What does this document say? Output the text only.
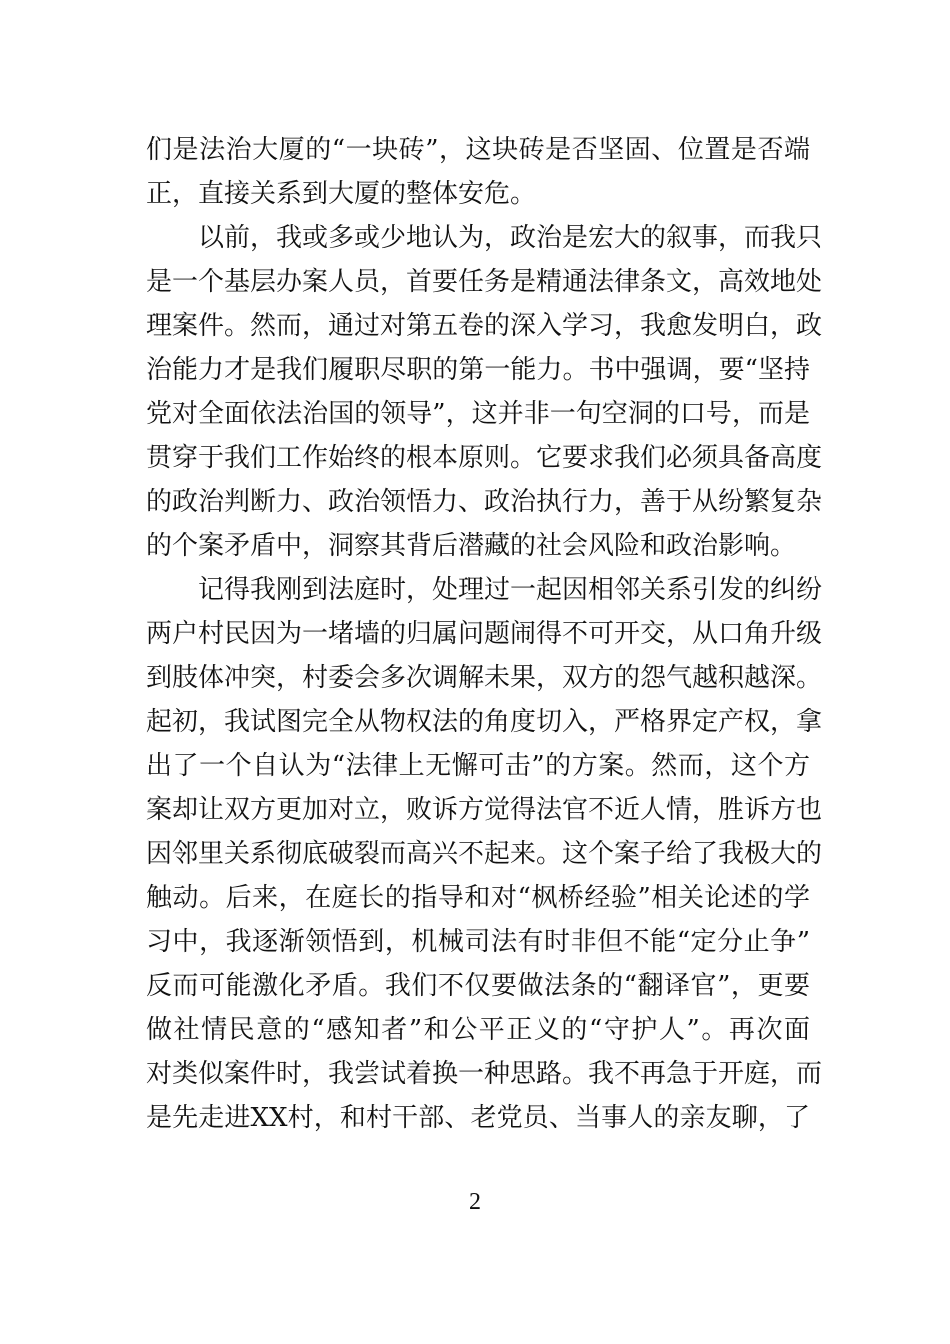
们是法治大厦的“一块砖”，这块砖是否坚固、位置是否端
正，直接关系到大厦的整体安危。
以前，我或多或少地认为，政治是宏大的叙事，而我只
是一个基层办案人员，首要任务是精通法律条文，高效地处
理案件。然而，通过对第五卷的深入学习，我愈发明白，政
治能力才是我们履职尽职的第一能力。书中强调，要“坚持
党对全面依法治国的领导”，这并非一句空洞的口号，而是
贯穿于我们工作始终的根本原则。它要求我们必须具备高度
的政治判断力、政治领悟力、政治执行力，善于从纷繁复杂
的个案矛盾中，洞察其背后潜藏的社会风险和政治影响。
记得我刚到法庭时，处理过一起因相邻关系引发的纠纷
两户村民因为一堵墙的归属问题闹得不可开交，从口角升级
到肢体冲突，村委会多次调解未果，双方的怨气越积越深。
起初，我试图完全从物权法的角度切入，严格界定产权，拿
出了一个自认为“法律上无懈可击”的方案。然而，这个方
案却让双方更加对立，败诉方觉得法官不近人情，胜诉方也
因邻里关系彻底破裂而高兴不起来。这个案子给了我极大的
触动。后来，在庭长的指导和对“枫桥经验”相关论述的学
习中，我逐渐领悟到，机械司法有时非但不能“定分止争”
反而可能激化矛盾。我们不仅要做法条的“翻译官”，更要
做社情民意的“感知者”和公平正义的“守护人”。再次面
对类似案件时，我尝试着换一种思路。我不再急于开庭，而
是先走进XX村，和村干部、老党员、当事人的亲友聊，了
2
